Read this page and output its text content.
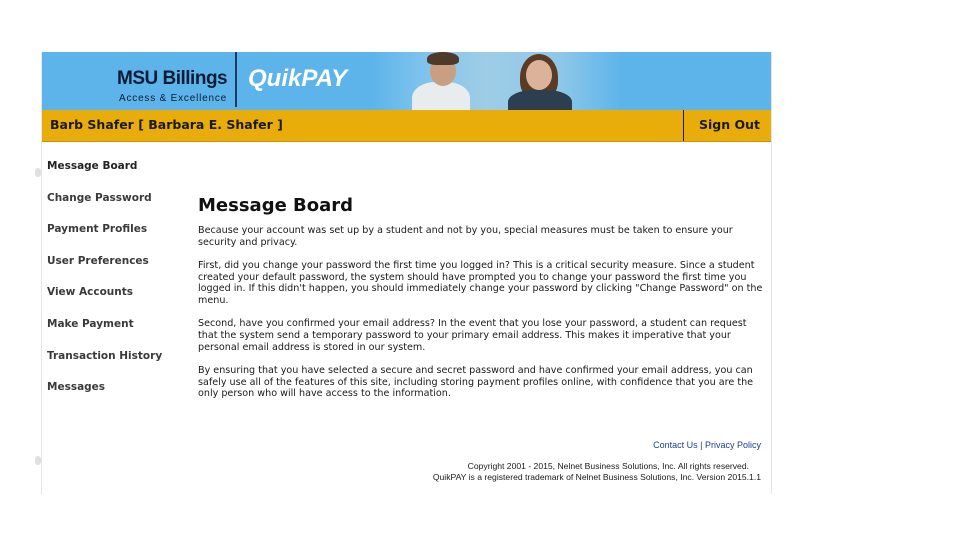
MSU Billings
Access & Excellence
QuikPAY
Barb Shafer [ Barbara E. Shafer ]	Sign Out
Message Board
Change Password
Payment Profiles
User Preferences
View Accounts
Make Payment
Transaction History
Messages
Message Board

Because your account was set up by a student and not by you, special measures must be taken to ensure your security and privacy.

First, did you change your password the first time you logged in? This is a critical security measure. Since a student created your default password, the system should have prompted you to change your password the first time you logged in. If this didn't happen, you should immediately change your password by clicking "Change Password" on the menu.

Second, have you confirmed your email address? In the event that you lose your password, a student can request that the system send a temporary password to your primary email address. This makes it imperative that your personal email address is stored in our system.

By ensuring that you have selected a secure and secret password and have confirmed your email address, you can safely use all of the features of this site, including storing payment profiles online, with confidence that you are the only person who will have access to the information.

Contact Us | Privacy Policy
Copyright 2001 - 2015, Nelnet Business Solutions, Inc. All rights reserved.
QuikPAY is a registered trademark of Nelnet Business Solutions, Inc. Version 2015.1.1
